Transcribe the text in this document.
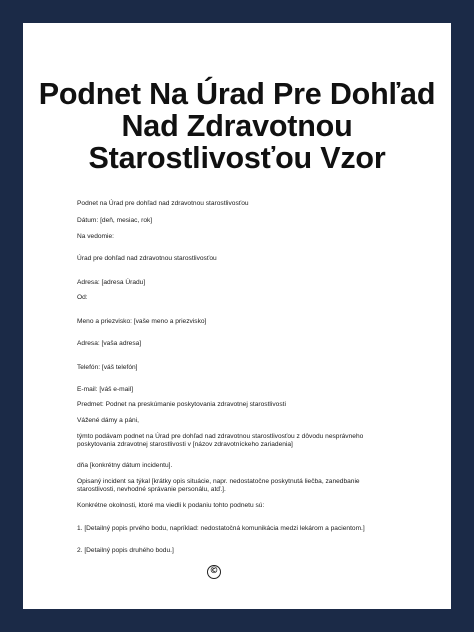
Podnet Na Úrad Pre Dohľad
Nad Zdravotnou
Starostlivosťou Vzor

Podnet na Úrad pre dohľad nad zdravotnou starostlivosťou

Dátum: [deň, mesiac, rok]

Na vedomie:

Úrad pre dohľad nad zdravotnou starostlivosťou

Adresa: [adresa Úradu]

Od:

Meno a priezvisko: [vaše meno a priezvisko]

Adresa: [vaša adresa]

Telefón: [váš telefón]

E-mail: [váš e-mail]

Predmet: Podnet na preskúmanie poskytovania zdravotnej starostlivosti

Vážené dámy a páni,

týmto podávam podnet na Úrad pre dohľad nad zdravotnou starostlivosťou z dôvodu nesprávneho poskytovania zdravotnej starostlivosti v [názov zdravotníckeho zariadenia]

dňa [konkrétny dátum incidentu].

Opisaný incident sa týkal [krátky opis situácie, napr. nedostatočne poskytnutá liečba, zanedbanie starostlivosti, nevhodné správanie personálu, atď.].

Konkrétne okolnosti, ktoré ma viedli k podaniu tohto podnetu sú:

1. [Detailný popis prvého bodu, napríklad: nedostatočná komunikácia medzi lekárom a pacientom.]

2. [Detailný popis druhého bodu.]

©
